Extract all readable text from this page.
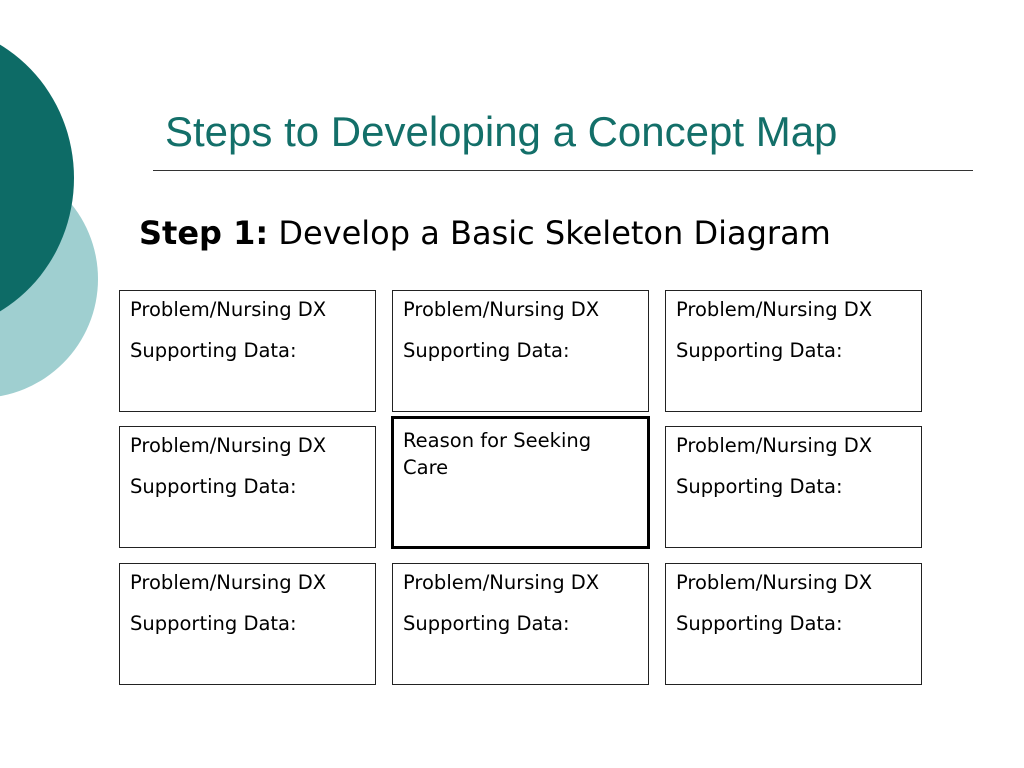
Steps to Developing a Concept Map

Step 1: Develop a Basic Skeleton Diagram

Problem/Nursing DX
Supporting Data:
Problem/Nursing DX
Supporting Data:
Problem/Nursing DX
Supporting Data:
Problem/Nursing DX
Supporting Data:
Reason for Seeking Care
Problem/Nursing DX
Supporting Data:
Problem/Nursing DX
Supporting Data:
Problem/Nursing DX
Supporting Data:
Problem/Nursing DX
Supporting Data:
